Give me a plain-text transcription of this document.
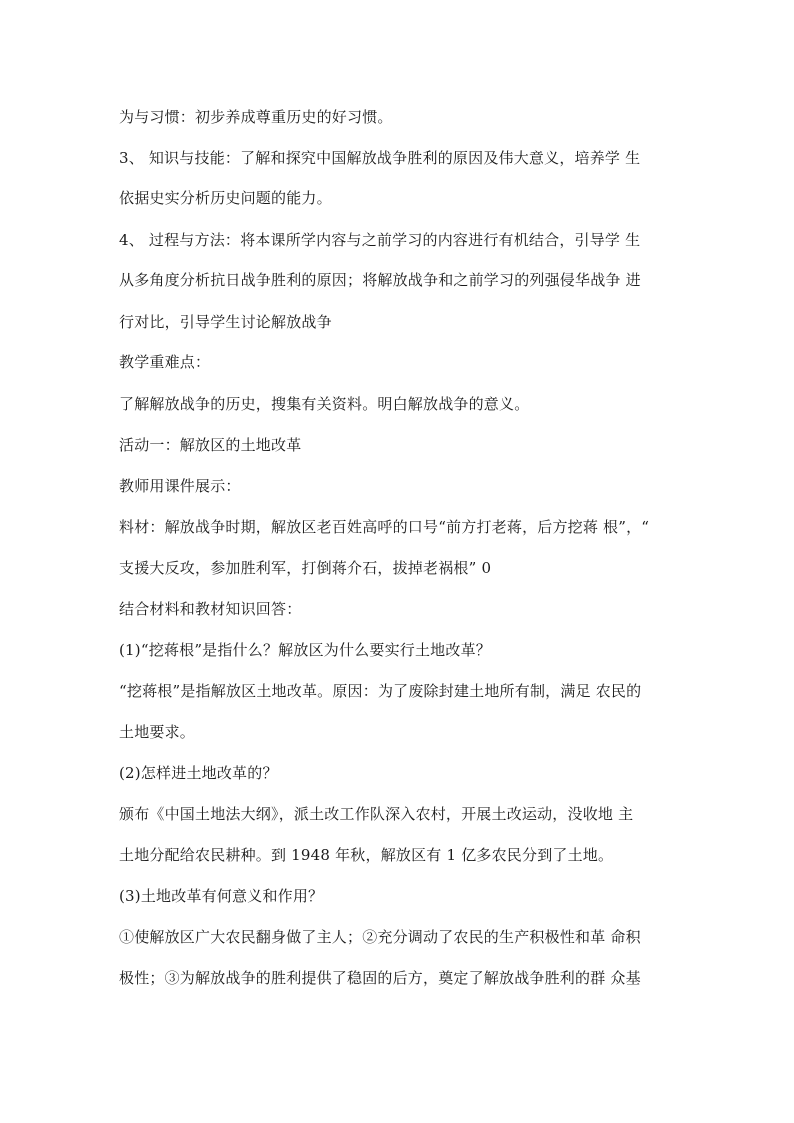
为与习惯：初步养成尊重历史的好习惯。
3、 知识与技能：了解和探究中国解放战争胜利的原因及伟大意义，培养学 生
依据史实分析历史问题的能力。
4、 过程与方法：将本课所学内容与之前学习的内容进行有机结合，引导学 生
从多角度分析抗日战争胜利的原因；将解放战争和之前学习的列强侵华战争 进
行对比，引导学生讨论解放战争
教学重难点：
了解解放战争的历史，搜集有关资料。明白解放战争的意义。
活动一：解放区的土地改革
教师用课件展示：
料材：解放战争时期，解放区老百姓高呼的口号“前方打老蒋，后方挖蒋 根”，“
支援大反攻，参加胜利军，打倒蒋介石，拔掉老祸根” 0
结合材料和教材知识回答：
(1)“挖蒋根”是指什么？解放区为什么要实行土地改革？
“挖蒋根”是指解放区土地改革。原因：为了废除封建土地所有制，满足 农民的
土地要求。
(2)怎样进土地改革的？
颁布《中国土地法大纲》，派土改工作队深入农村，开展土改运动，没收地 主
土地分配给农民耕种。到 1948 年秋，解放区有 1 亿多农民分到了土地。
(3)土地改革有何意义和作用？
①使解放区广大农民翻身做了主人；②充分调动了农民的生产积极性和革 命积
极性；③为解放战争的胜利提供了稳固的后方，奠定了解放战争胜利的群 众基
